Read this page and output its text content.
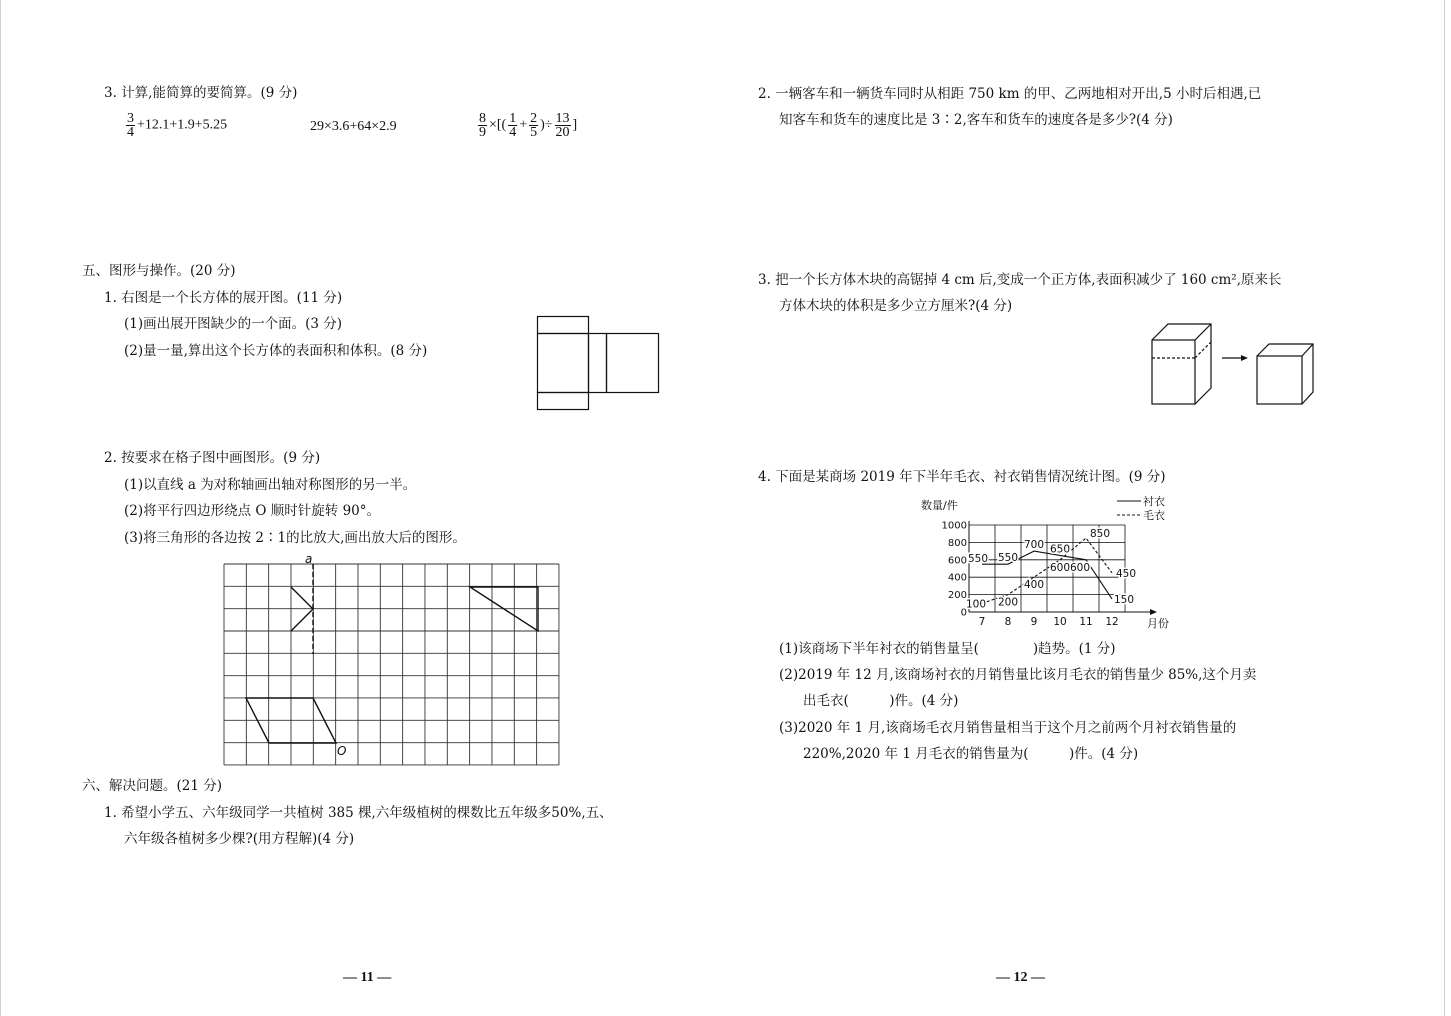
3. 计算,能简算的要简算。(9 分)
$\frac{3}{4} +12.1+1.9+5.25$	29×3.6+64×2.9	$\frac{8}{9}$ ×[( $\frac{1}{4} + \frac{2}{5}$ )÷ $\frac{13}{20}$ ]
五、图形与操作。(20 分)
1. 右图是一个长方体的展开图。(11 分)
(1)画出展开图缺少的一个面。(3 分)
(2)量一量,算出这个长方体的表面积和体积。(8 分)
2. 按要求在格子图中画图形。(9 分)
(1)以直线 a 为对称轴画出轴对称图形的另一半。
(2)将平行四边形绕点 O 顺时针旋转 90°。
(3)将三角形的各边按 2∶1的比放大,画出放大后的图形。
a
O
六、解决问题。(21 分)
1. 希望小学五、六年级同学一共植树 385 棵,六年级植树的棵数比五年级多50%,五、
六年级各植树多少棵?(用方程解)(4 分)
— 11 —
2. 一辆客车和一辆货车同时从相距 750 km 的甲、乙两地相对开出,5 小时后相遇,已
知客车和货车的速度比是 3∶2,客车和货车的速度各是多少?(4 分)
3. 把一个长方体木块的高锯掉 4 cm 后,变成一个正方体,表面积减少了 160 cm²,原来长
方体木块的体积是多少立方厘米?(4 分)
4. 下面是某商场 2019 年下半年毛衣、衬衣销售情况统计图。(9 分)
数量/件
0
200
400
600
800
1000
7 8 9 10 11 12
550 550
700 650
600
150
100 200
400
600
850
450
衬衣
毛衣
月份
(1)该商场下半年衬衣的销售量呈(　　　　)趋势。(1 分)
(2)2019 年 12 月,该商场衬衣的月销售量比该月毛衣的销售量少 85%,这个月卖
出毛衣(　　　)件。(4 分)
(3)2020 年 1 月,该商场毛衣月销售量相当于这个月之前两个月衬衣销售量的
220%,2020 年 1 月毛衣的销售量为(　　　)件。(4 分)
— 12 —
